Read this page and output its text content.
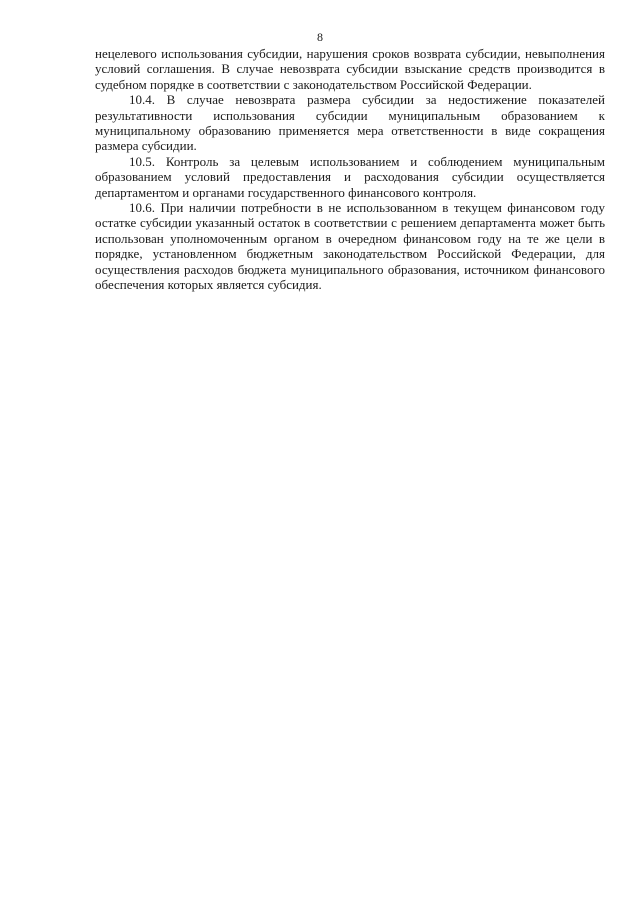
8

нецелевого использования субсидии, нарушения сроков возврата субсидии, невыполнения условий соглашения. В случае невозврата субсидии взыскание средств производится в судебном порядке в соответствии с законодательством Российской Федерации.

10.4. В случае невозврата размера субсидии за недостижение показателей результативности использования субсидии муниципальным образованием к муниципальному образованию применяется мера ответственности в виде сокращения размера субсидии.

10.5. Контроль за целевым использованием и соблюдением муниципальным образованием условий предоставления и расходования субсидии осуществляется департаментом и органами государственного финансового контроля.

10.6. При наличии потребности в не использованном в текущем финансовом году остатке субсидии указанный остаток в соответствии с решением департамента может быть использован уполномоченным органом в очередном финансовом году на те же цели в порядке, установленном бюджетным законодательством Российской Федерации, для осуществления расходов бюджета муниципального образования, источником финансового обеспечения которых является субсидия.
